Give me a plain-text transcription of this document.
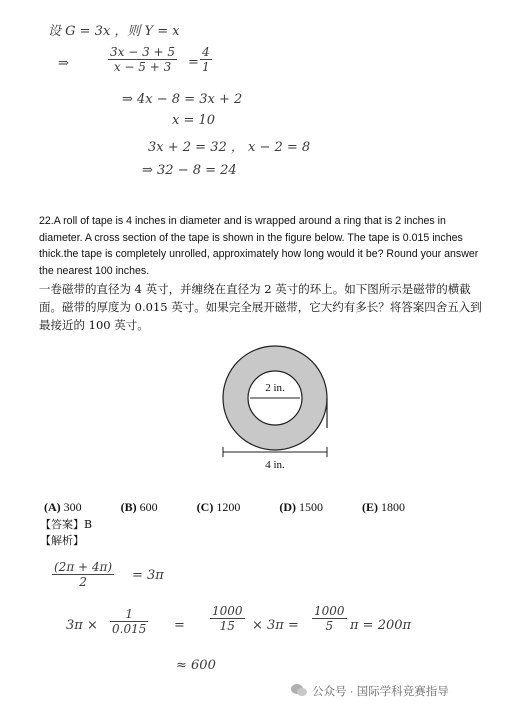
设 G = 3x ，则 Y = x
⇒	$\frac{3x - 3 + 5}{x - 5 + 3} = \frac{4}{1}$
⇒ 4x − 8 = 3x + 2
x = 10
3x + 2 = 32 ， x − 2 = 8
⇒ 32 − 8 = 24
22.A roll of tape is 4 inches in diameter and is wrapped around a ring that is 2 inches in diameter. A cross section of the tape is shown in the figure below. The tape is 0.015 inches thick.the tape is completely unrolled, approximately how long would it be? Round your answer the nearest 100 inches.
一卷磁带的直径为 4 英寸，并缠绕在直径为 2 英寸的环上。如下图所示是磁带的横截面。磁带的厚度为 0.015 英寸。如果完全展开磁带，它大约有多长？将答案四舍五入到最接近的 100 英寸。
2 in.
4 in.
(A) 300	(B) 600	(C) 1200	(D) 1500	(E) 1800
【答案】B
【解析】
$\frac{(2\pi + 4\pi)}{2} = 3\pi$
$3\pi \times \frac{1}{0.015} = \frac{1000}{15} \times 3\pi = \frac{1000}{5}$ π = 200π
≈ 600
公众号 · 国际学科竞赛指导
